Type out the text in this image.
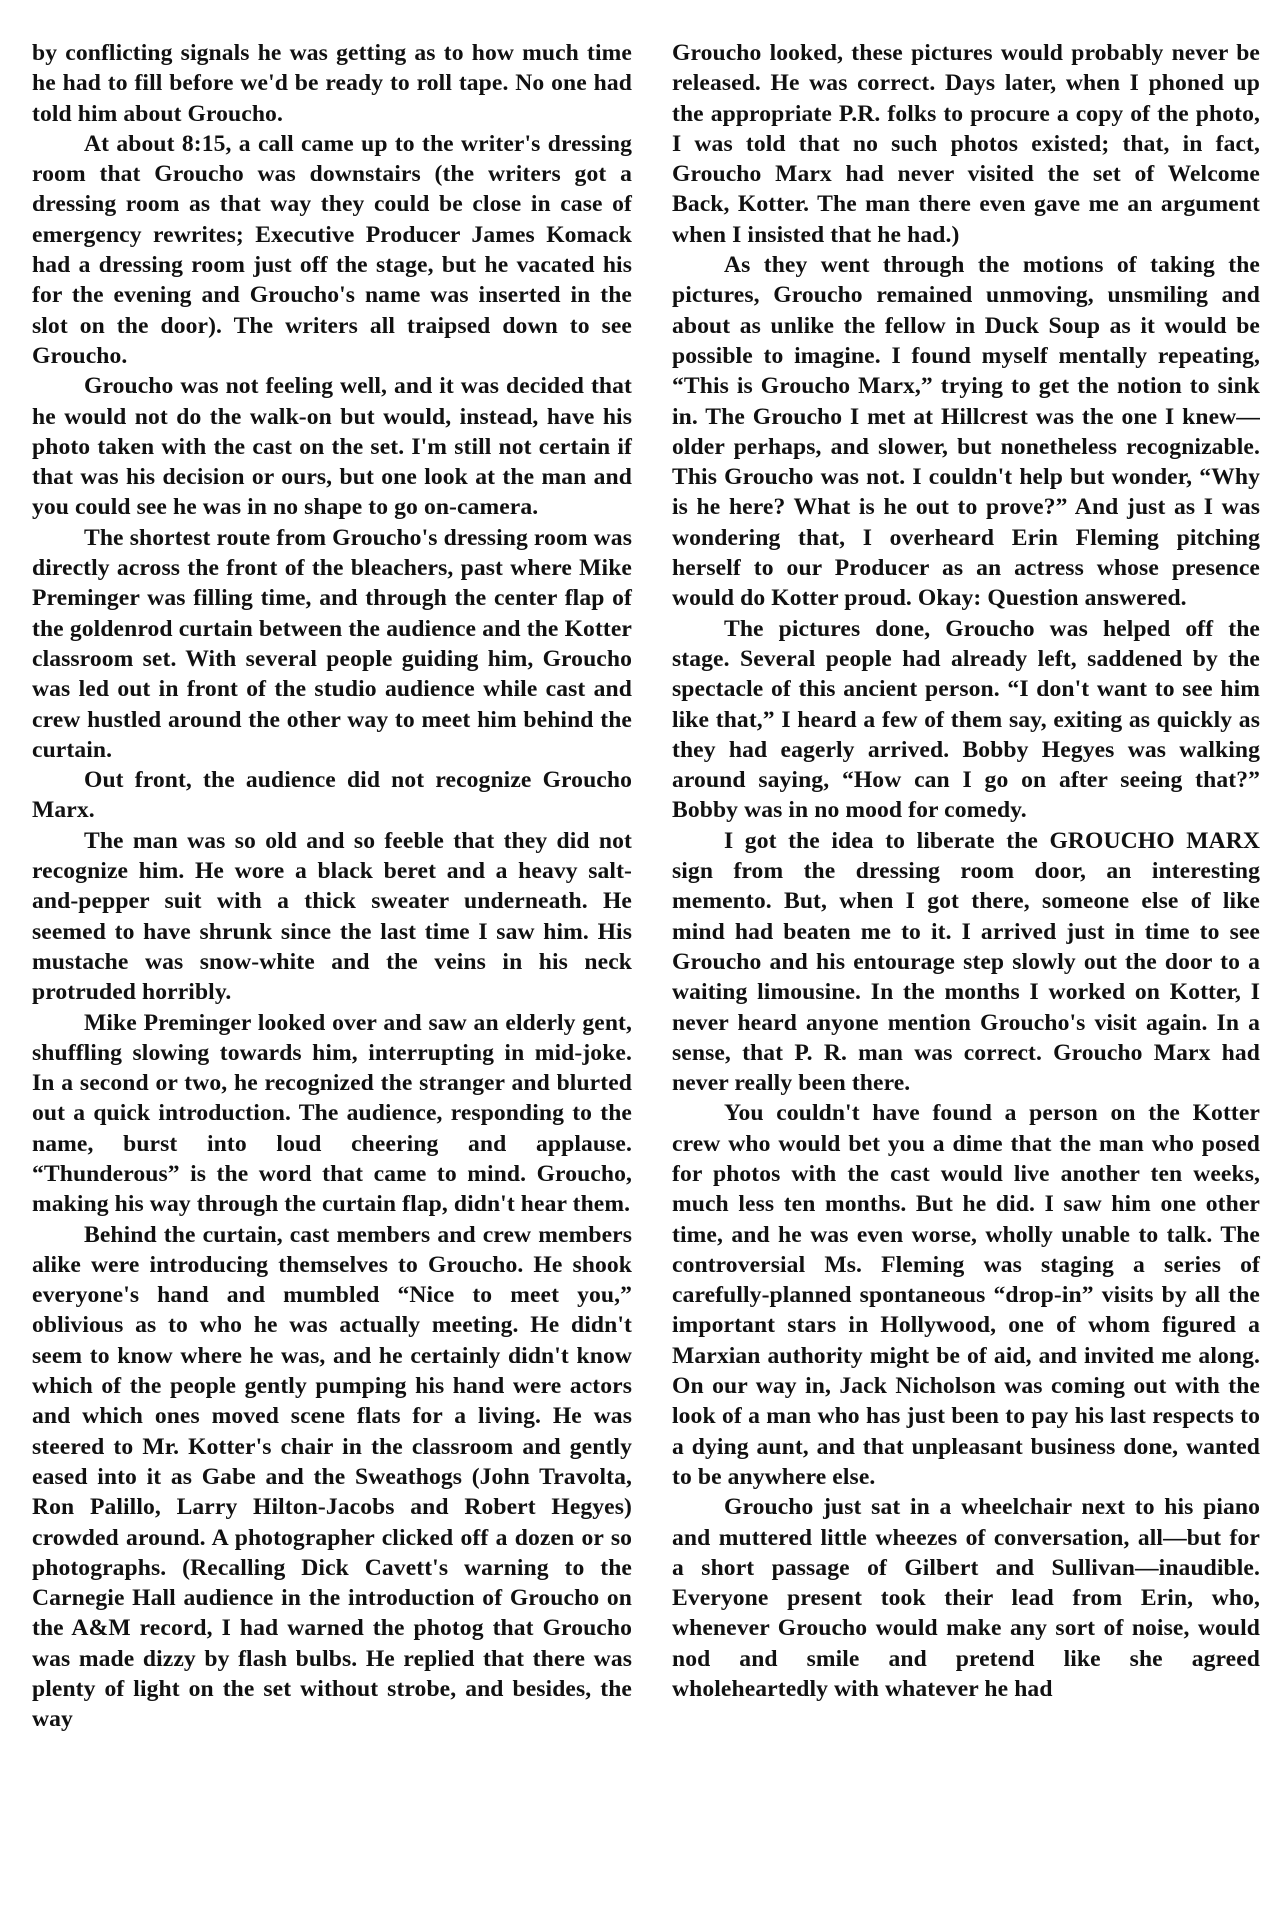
by conflicting signals he was getting as to how much time he had to fill before we'd be ready to roll tape. No one had told him about Groucho.

At about 8:15, a call came up to the writer's dressing room that Groucho was downstairs (the writers got a dressing room as that way they could be close in case of emergency rewrites; Executive Producer James Komack had a dressing room just off the stage, but he vacated his for the evening and Groucho's name was inserted in the slot on the door). The writers all traipsed down to see Groucho.

Groucho was not feeling well, and it was decided that he would not do the walk-on but would, instead, have his photo taken with the cast on the set. I'm still not certain if that was his decision or ours, but one look at the man and you could see he was in no shape to go on-camera.

The shortest route from Groucho's dressing room was directly across the front of the bleachers, past where Mike Preminger was filling time, and through the center flap of the goldenrod curtain between the audience and the Kotter classroom set. With several people guiding him, Groucho was led out in front of the studio audience while cast and crew hustled around the other way to meet him behind the curtain.

Out front, the audience did not recognize Groucho Marx.

The man was so old and so feeble that they did not recognize him. He wore a black beret and a heavy salt-and-pepper suit with a thick sweater underneath. He seemed to have shrunk since the last time I saw him. His mustache was snow-white and the veins in his neck protruded horribly.

Mike Preminger looked over and saw an elderly gent, shuffling slowing towards him, interrupting in mid-joke. In a second or two, he recognized the stranger and blurted out a quick introduction. The audience, responding to the name, burst into loud cheering and applause. “Thunderous” is the word that came to mind. Groucho, making his way through the curtain flap, didn't hear them.

Behind the curtain, cast members and crew members alike were introducing themselves to Groucho. He shook everyone's hand and mumbled “Nice to meet you,” oblivious as to who he was actually meeting. He didn't seem to know where he was, and he certainly didn't know which of the people gently pumping his hand were actors and which ones moved scene flats for a living. He was steered to Mr. Kotter's chair in the classroom and gently eased into it as Gabe and the Sweathogs (John Travolta, Ron Palillo, Larry Hilton-Jacobs and Robert Hegyes) crowded around. A photographer clicked off a dozen or so photographs. (Recalling Dick Cavett's warning to the Carnegie Hall audience in the introduction of Groucho on the A&M record, I had warned the photog that Groucho was made dizzy by flash bulbs. He replied that there was plenty of light on the set without strobe, and besides, the way

Groucho looked, these pictures would probably never be released. He was correct. Days later, when I phoned up the appropriate P.R. folks to procure a copy of the photo, I was told that no such photos existed; that, in fact, Groucho Marx had never visited the set of Welcome Back, Kotter. The man there even gave me an argument when I insisted that he had.)

As they went through the motions of taking the pictures, Groucho remained unmoving, unsmiling and about as unlike the fellow in Duck Soup as it would be possible to imagine. I found myself mentally repeating, “This is Groucho Marx,” trying to get the notion to sink in. The Groucho I met at Hillcrest was the one I knew—older perhaps, and slower, but nonetheless recognizable. This Groucho was not. I couldn't help but wonder, “Why is he here? What is he out to prove?” And just as I was wondering that, I overheard Erin Fleming pitching herself to our Producer as an actress whose presence would do Kotter proud. Okay: Question answered.

The pictures done, Groucho was helped off the stage. Several people had already left, saddened by the spectacle of this ancient person. “I don't want to see him like that,” I heard a few of them say, exiting as quickly as they had eagerly arrived. Bobby Hegyes was walking around saying, “How can I go on after seeing that?” Bobby was in no mood for comedy.

I got the idea to liberate the GROUCHO MARX sign from the dressing room door, an interesting memento. But, when I got there, someone else of like mind had beaten me to it. I arrived just in time to see Groucho and his entourage step slowly out the door to a waiting limousine. In the months I worked on Kotter, I never heard anyone mention Groucho's visit again. In a sense, that P. R. man was correct. Groucho Marx had never really been there.

You couldn't have found a person on the Kotter crew who would bet you a dime that the man who posed for photos with the cast would live another ten weeks, much less ten months. But he did. I saw him one other time, and he was even worse, wholly unable to talk. The controversial Ms. Fleming was staging a series of carefully-planned spontaneous “drop-in” visits by all the important stars in Hollywood, one of whom figured a Marxian authority might be of aid, and invited me along. On our way in, Jack Nicholson was coming out with the look of a man who has just been to pay his last respects to a dying aunt, and that unpleasant business done, wanted to be anywhere else.

Groucho just sat in a wheelchair next to his piano and muttered little wheezes of conversation, all—but for a short passage of Gilbert and Sullivan—inaudible. Everyone present took their lead from Erin, who, whenever Groucho would make any sort of noise, would nod and smile and pretend like she agreed wholeheartedly with whatever he had
